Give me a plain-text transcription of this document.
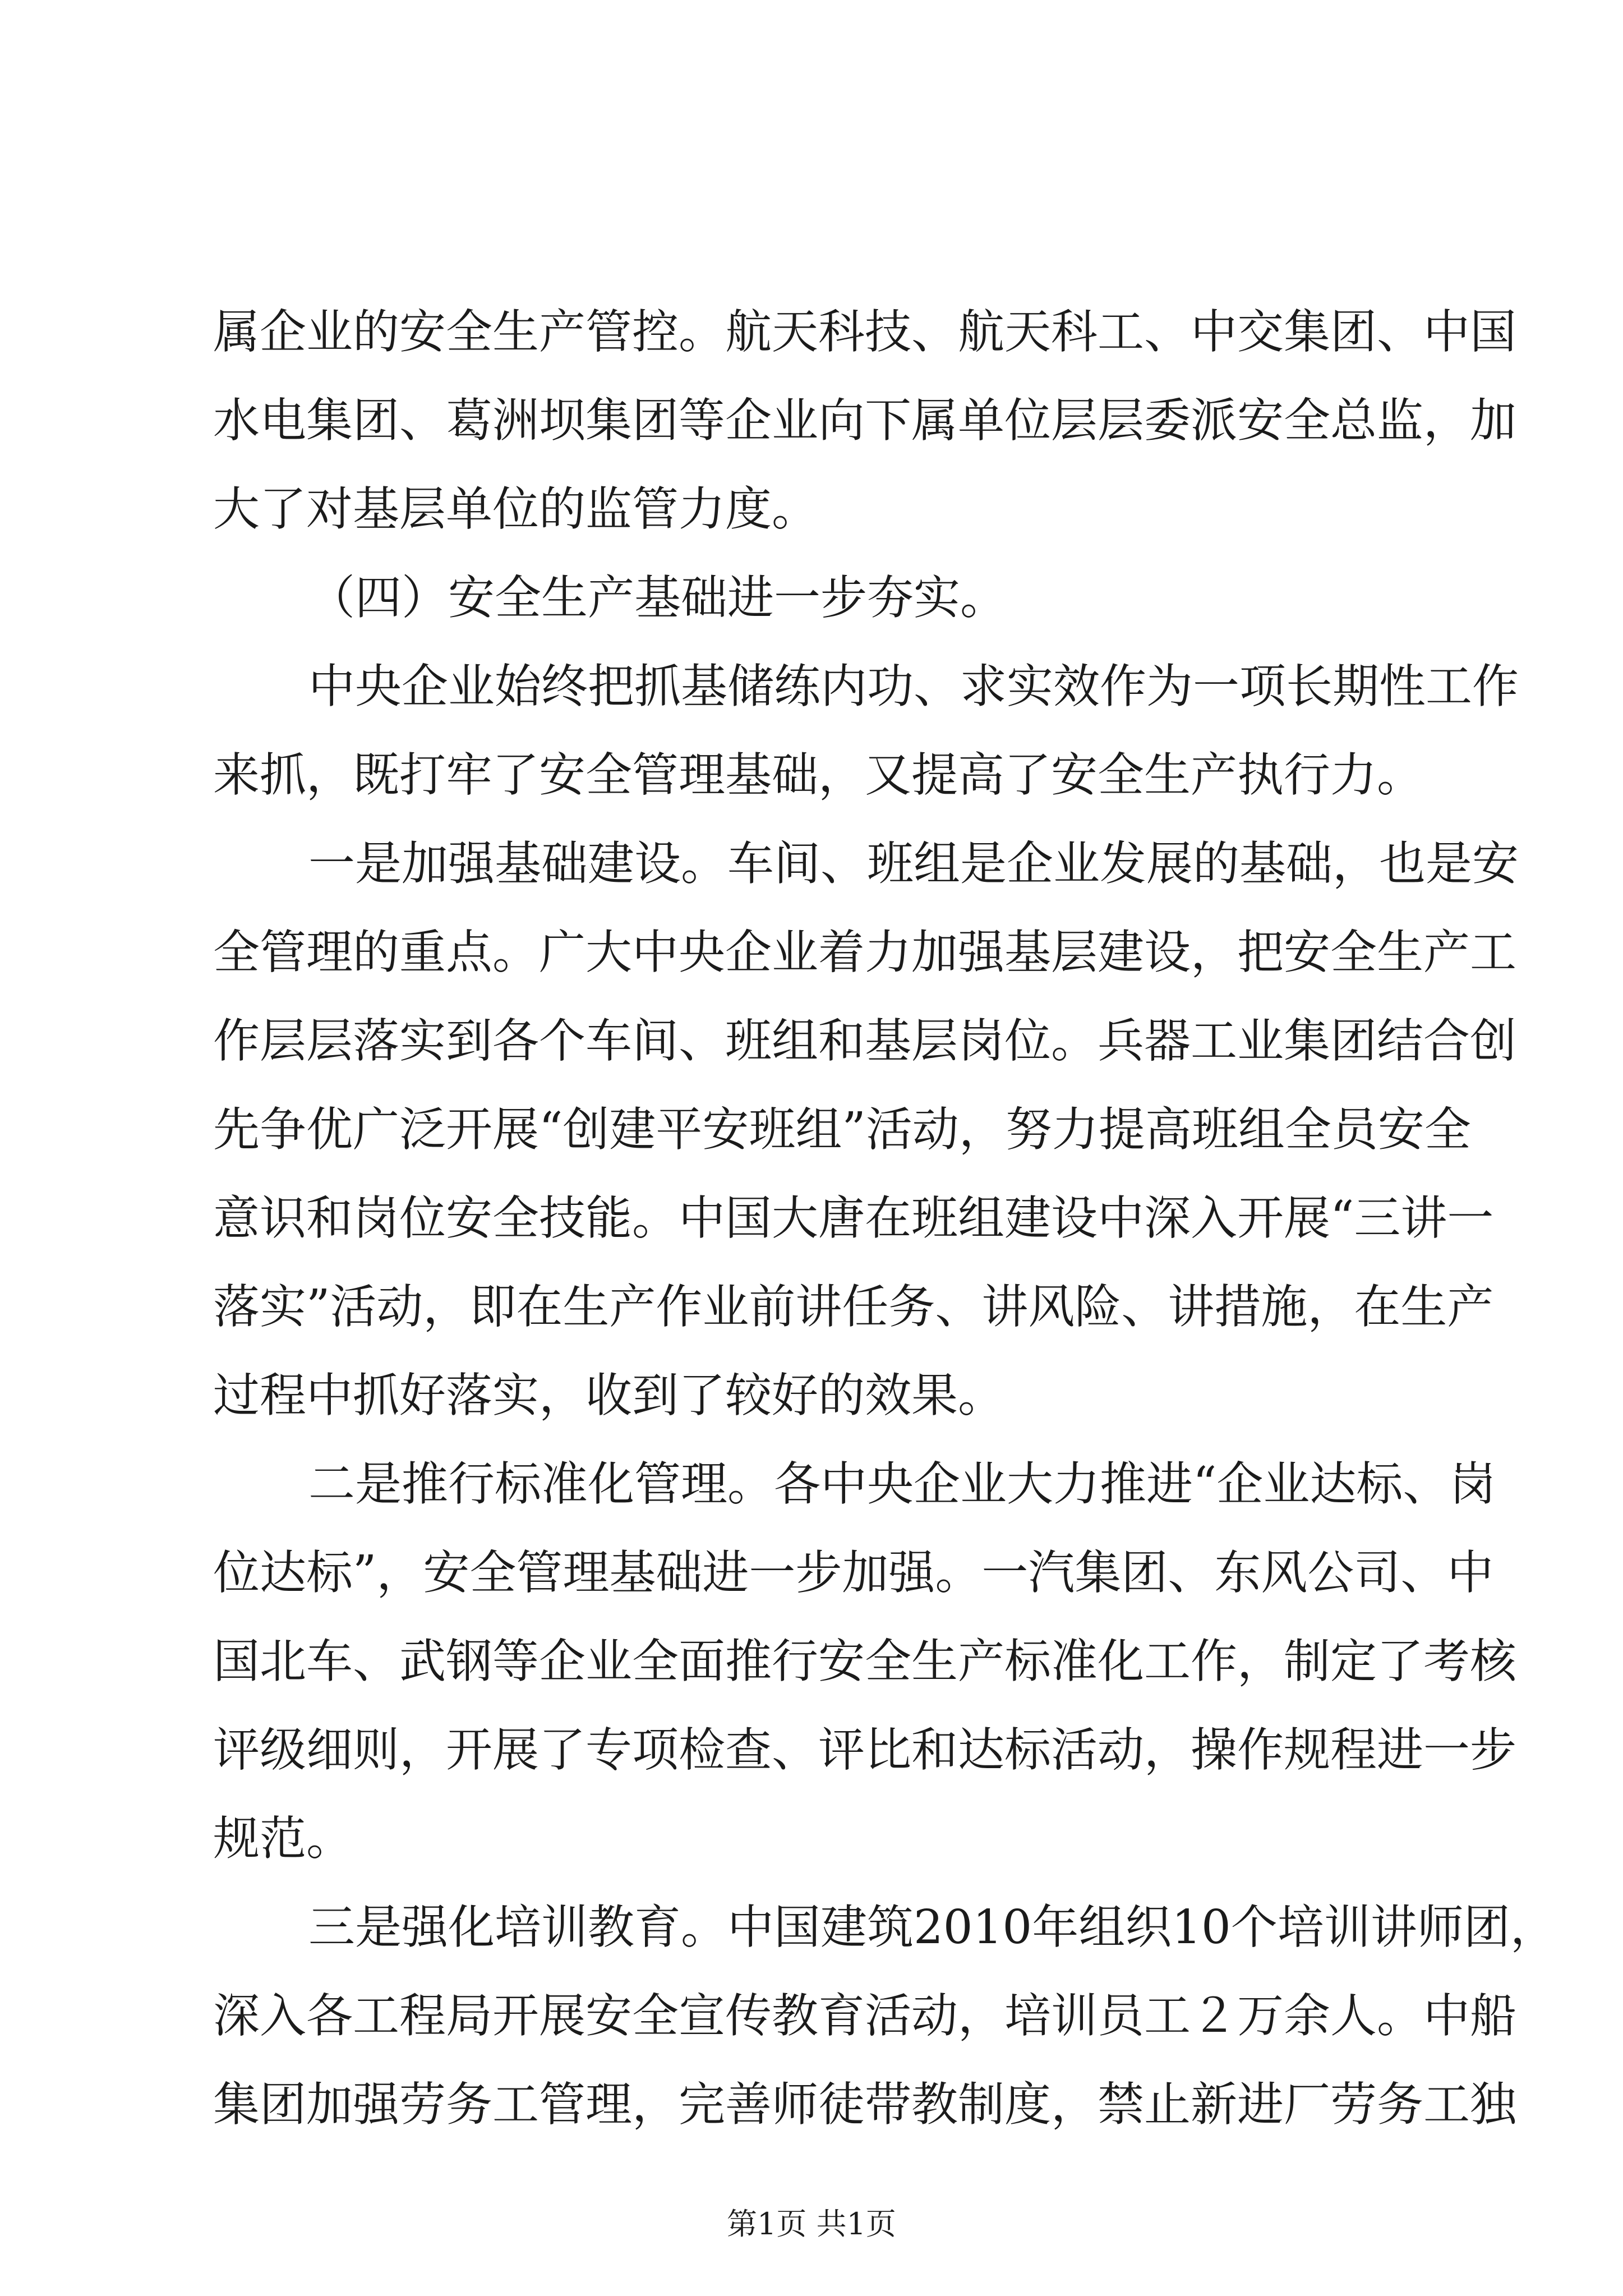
属企业的安全生产管控。航天科技、航天科工、中交集团、中国
水电集团、葛洲坝集团等企业向下属单位层层委派安全总监，加
大了对基层单位的监管力度。
（四）安全生产基础进一步夯实。
中央企业始终把抓基储练内功、求实效作为一项长期性工作
来抓，既打牢了安全管理基础，又提高了安全生产执行力。
一是加强基础建设。车间、班组是企业发展的基础，也是安
全管理的重点。广大中央企业着力加强基层建设，把安全生产工
作层层落实到各个车间、班组和基层岗位。兵器工业集团结合创
先争优广泛开展“创建平安班组”活动，努力提高班组全员安全
意识和岗位安全技能。中国大唐在班组建设中深入开展“三讲一
落实”活动，即在生产作业前讲任务、讲风险、讲措施，在生产
过程中抓好落实，收到了较好的效果。
二是推行标准化管理。各中央企业大力推进“企业达标、岗
位达标”，安全管理基础进一步加强。一汽集团、东风公司、中
国北车、武钢等企业全面推行安全生产标准化工作，制定了考核
评级细则，开展了专项检查、评比和达标活动，操作规程进一步
规范。
三是强化培训教育。中国建筑2010年组织10个培训讲师团，
深入各工程局开展安全宣传教育活动，培训员工２万余人。中船
集团加强劳务工管理，完善师徒带教制度，禁止新进厂劳务工独
第1页 共1页
